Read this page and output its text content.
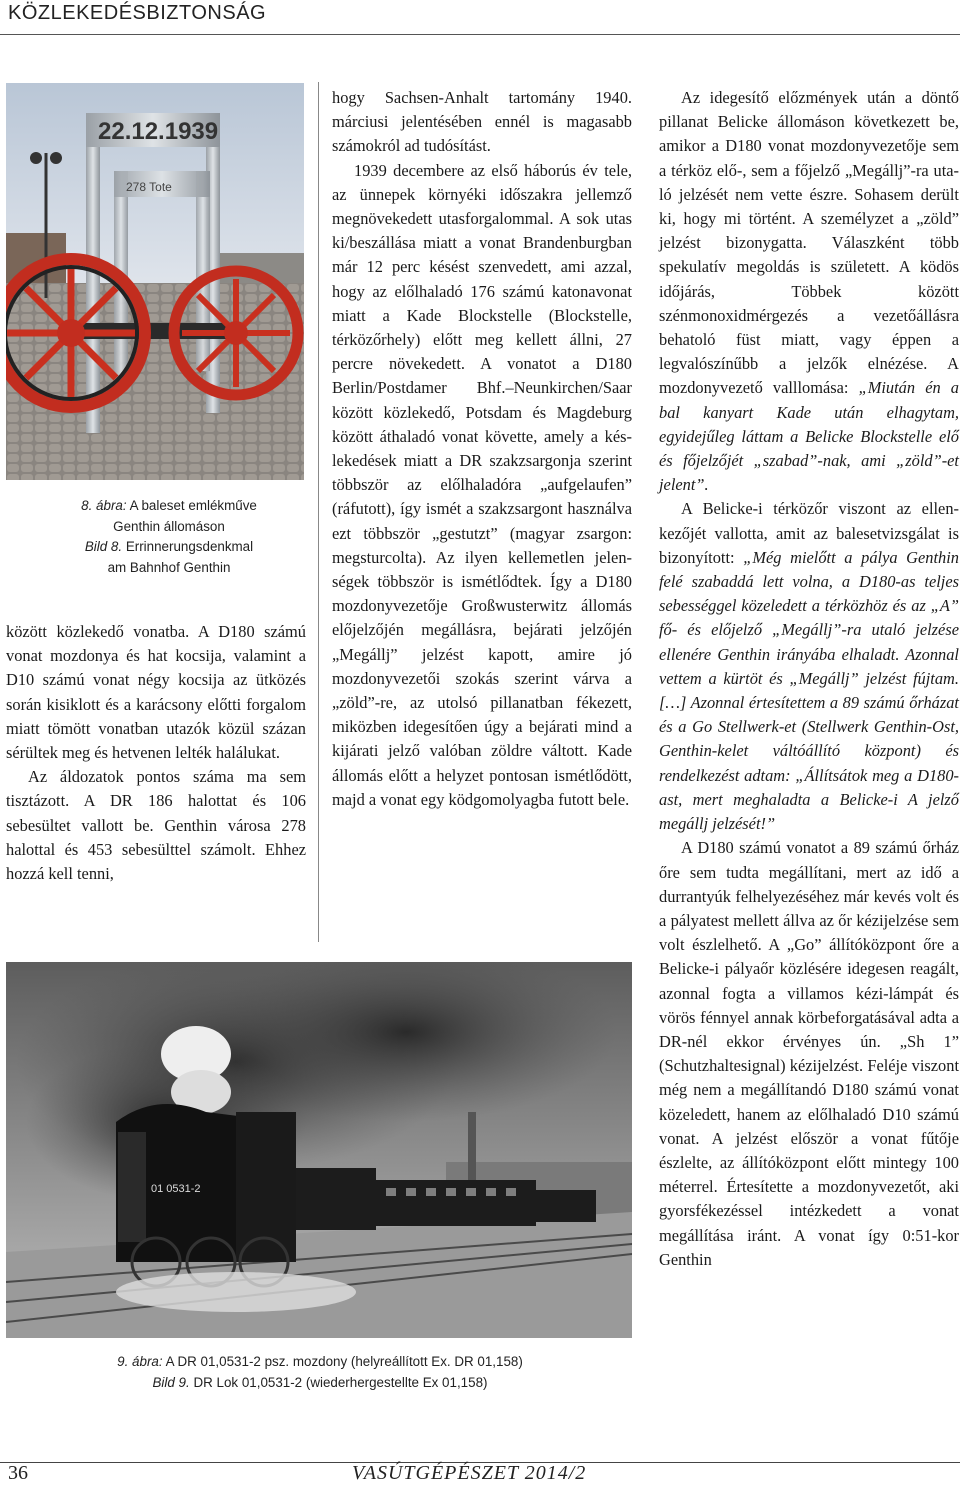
KÖZLEKEDÉSBIZTONSÁG
22.12.1939
278 Tote
8. ábra: A baleset emlékműve
Genthin állomáson
Bild 8. Errinnerungsdenkmal
am Bahnhof Genthin

között közlekedő vonatba. A D180 számú vonat mozdonya és hat kocsija, valamint a D10 számú vonat négy kocsija az ütközés során kisiklott és a karácsony előtti forgalom miatt tömött vonatban utazók közül százan sérültek meg és hetvenen lelték halálukat.

Az áldozatok pontos száma ma sem tisztázott. A DR 186 halottat és 106 sebesültet vallott be. Genthin városa 278 halottal és 453 sebesülttel számolt. Ehhez hozzá kell tenni,

hogy Sachsen-Anhalt tartomány 1940. márciusi jelentésében ennél is magasabb számokról ad tudósítást.

1939 decembere az első háborús év tele, az ünnepek környéki időszakra jellemző megnövekedett utasforgalommal. A sok utas ki/beszállása miatt a vonat Brandenburgban már 12 perc késést szenvedett, ami azzal, hogy az előlhaladó 176 számú katonavonat miatt a Kade Blockstelle (Blockstelle, térközőrhely) előtt meg kellett állni, 27 percre növekedett. A vonatot a D180 Berlin/Postdamer Bhf.–Neunkirchen/Saar között közlekedő, Potsdam és Magdeburg között áthaladó vonat követte, amely a késlekedések miatt a DR szakzsargonja szerint többször az előlhaladóra „aufgelaufen” (ráfutott), így ismét a szakzsargont használva ezt többször „gestutzt” (magyar zsargon: megsturcolta). Az ilyen kellemetlen jelenségek többször is ismétlődtek. Így a D180 mozdonyvezetője Großwusterwitz állomás előjelzőjén megállásra, bejárati jelzőjén „Megállj” jelzést kapott, amire jó mozdonyvezetői szokás szerint várva a „zöld”-re, az utolsó pillanatban fékezett, miközben idegesítően úgy a bejárati mind a kijárati jelző valóban zöldre váltott. Kade állomás előtt a helyzet pontosan ismétlődött, majd a vonat egy ködgomolyagba futott bele.

Az idegesítő előzmények után a döntő pillanat Belicke állomáson következett be, amikor a D180 vonat mozdonyvezetője sem a térköz elő-, sem a főjelző „Megállj”-ra utaló jelzését nem vette észre. Sohasem derült ki, hogy mi történt. A személyzet a „zöld” jelzést bizonygatta. Válaszként több spekulatív megoldás is született. A ködös időjárás, Többek között szénmonoxidmérgezés a vezetőállásra behatoló füst miatt, vagy éppen a legvalószínűbb a jelzők elnézése. A mozdonyvezető valllomása: „Miután én a bal kanyart Kade után elhagytam, egyidejűleg láttam a Belicke Blockstelle elő és főjelzőjét „szabad”-nak, ami „zöld”-et jelent”.

A Belicke-i térközőr viszont az ellenkezőjét vallotta, amit az balesetvizsgálat is bizonyított: „Még mielőtt a pálya Genthin felé szabaddá lett volna, a D180-as teljes sebességgel közeledett a térközhöz és az „A” fő- és előjelző „Megállj”-ra utaló jelzése ellenére Genthin irányába elhaladt. Azonnal vettem a kürtöt és „Megállj” jelzést fújtam. […] Azonnal értesítettem a 89 számú őrházat és a Go Stellwerk-et (Stellwerk Genthin-Ost, Genthin-kelet váltóállító központ) és rendelkezést adtam: „Állítsátok meg a D180-ast, mert meghaladta a Belicke-i A jelző megállj jelzését!”

A D180 számú vonatot a 89 számú őrház őre sem tudta megállítani, mert az idő a durrantyúk felhelyezéséhez már kevés volt és a pályatest mellett állva az őr kézijelzése sem volt észlelhető. A „Go” állítóközpont őre a Belicke-i pályaőr közlésére idegesen reagált, azonnal fogta a villamos kézi-lámpát és vörös fénnyel annak körbeforgatásával adta a DR-nél ekkor érvényes ún. „Sh 1” (Schutzhaltesignal) kézijelzést. Feléje viszont még nem a megállítandó D180 számú vonat közeledett, hanem az előlhaladó D10 számú vonat. A jelzést először a vonat fűtője észlelte, az állítóközpont előtt mintegy 100 méterrel. Értesítette a mozdonyvezetőt, aki gyorsfékezéssel intézkedett a vonat megállítása iránt. A vonat így 0:51-kor Genthin

01 0531-2
9. ábra: A DR 01,0531-2 psz. mozdony (helyreállított Ex. DR 01,158)
Bild 9. DR Lok 01,0531-2 (wiederhergestellte Ex 01,158)
36	VASÚTGÉPÉSZET 2014/2
